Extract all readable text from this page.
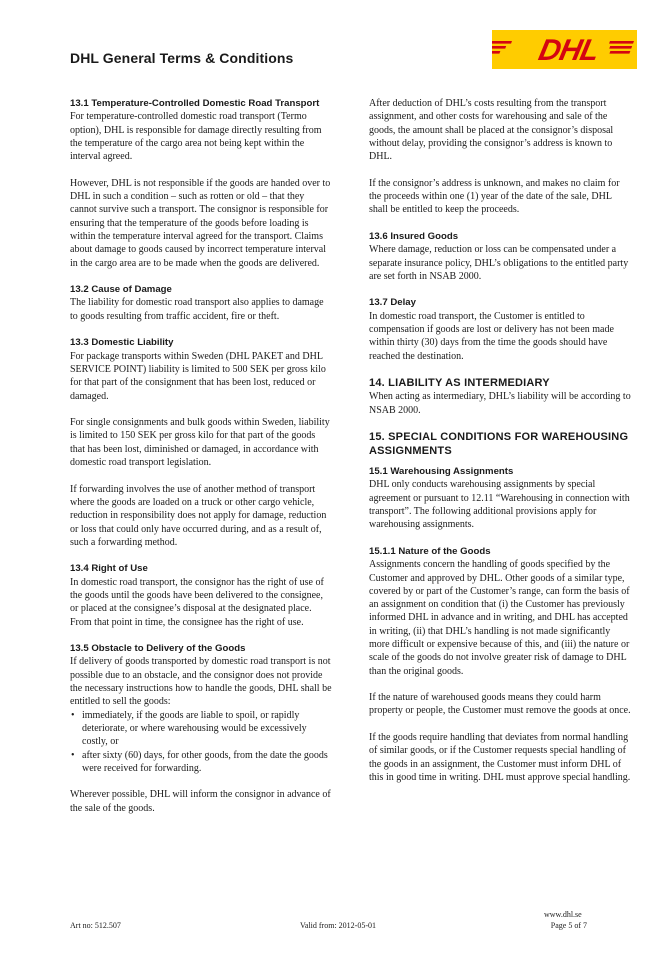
DHL General Terms & Conditions	DHL
13.1 Temperature-Controlled Domestic Road Transport

For temperature-controlled domestic road transport (Termo option), DHL is responsible for damage directly resulting from the temperature of the cargo area not being kept within the interval agreed.

However, DHL is not responsible if the goods are handed over to DHL in such a condition – such as rotten or old – that they cannot survive such a transport. The consignor is responsible for ensuring that the temperature of the goods before loading is within the temperature interval agreed for the transport. Claims about damage to goods caused by incorrect temperature interval in the cargo area are to be made when the goods are delivered.

13.2 Cause of Damage

The liability for domestic road transport also applies to damage to goods resulting from traffic accident, fire or theft.

13.3 Domestic Liability

For package transports within Sweden (DHL PAKET and DHL SERVICE POINT) liability is limited to 500 SEK per gross kilo for that part of the consignment that has been lost, reduced or damaged.

For single consignments and bulk goods within Sweden, liability is limited to 150 SEK per gross kilo for that part of the goods that has been lost, diminished or damaged, in accordance with domestic road transport legislation.

If forwarding involves the use of another method of transport where the goods are loaded on a truck or other cargo vehicle, reduction in responsibility does not apply for damage, reduction or loss that could only have occurred during, and as a result of, such a forwarding method.

13.4 Right of Use

In domestic road transport, the consignor has the right of use of the goods until the goods have been delivered to the consignee, or placed at the consignee’s disposal at the designated place. From that point in time, the consignee has the right of use.

13.5 Obstacle to Delivery of the Goods

If delivery of goods transported by domestic road transport is not possible due to an obstacle, and the consignor does not provide the necessary instructions how to handle the goods, DHL shall be entitled to sell the goods:

• immediately, if the goods are liable to spoil, or rapidly deteriorate, or where warehousing would be excessively costly, or
• after sixty (60) days, for other goods, from the date the goods were received for forwarding.

Wherever possible, DHL will inform the consignor in advance of the sale of the goods.

After deduction of DHL’s costs resulting from the transport assignment, and other costs for warehousing and sale of the goods, the amount shall be placed at the consignor’s disposal without delay, providing the consignor’s address is known to DHL.

If the consignor’s address is unknown, and makes no claim for the proceeds within one (1) year of the date of the sale, DHL shall be entitled to keep the proceeds.

13.6 Insured Goods

Where damage, reduction or loss can be compensated under a separate insurance policy, DHL’s obligations to the entitled party are set forth in NSAB 2000.

13.7 Delay

In domestic road transport, the Customer is entitled to compensation if goods are lost or delivery has not been made within thirty (30) days from the time the goods should have reached the destination.

14. LIABILITY AS INTERMEDIARY

When acting as intermediary, DHL’s liability will be according to NSAB 2000.

15. SPECIAL CONDITIONS FOR WAREHOUSING ASSIGNMENTS
15.1 Warehousing Assignments

DHL only conducts warehousing assignments by special agreement or pursuant to 12.11 “Warehousing in connection with transport”. The following additional provisions apply for warehousing assignments.

15.1.1 Nature of the Goods

Assignments concern the handling of goods specified by the Customer and approved by DHL. Other goods of a similar type, covered by or part of the Customer’s range, can form the basis of an assignment on condition that (i) the Customer has previously informed DHL in advance and in writing, and DHL has accepted in writing, (ii) that DHL’s handling is not made significantly more difficult or expensive because of this, and (iii) the nature or scale of the goods do not involve greater risk of damage to DHL than the original goods.

If the nature of warehoused goods means they could harm property or people, the Customer must remove the goods at once.

If the goods require handling that deviates from normal handling of similar goods, or if the Customer requests special handling of the goods in an assignment, the Customer must inform DHL of this in good time in writing. DHL must approve special handling.

Art no: 512.507	Valid from: 2012-05-01
www.dhl.se
Page 5 of 7
